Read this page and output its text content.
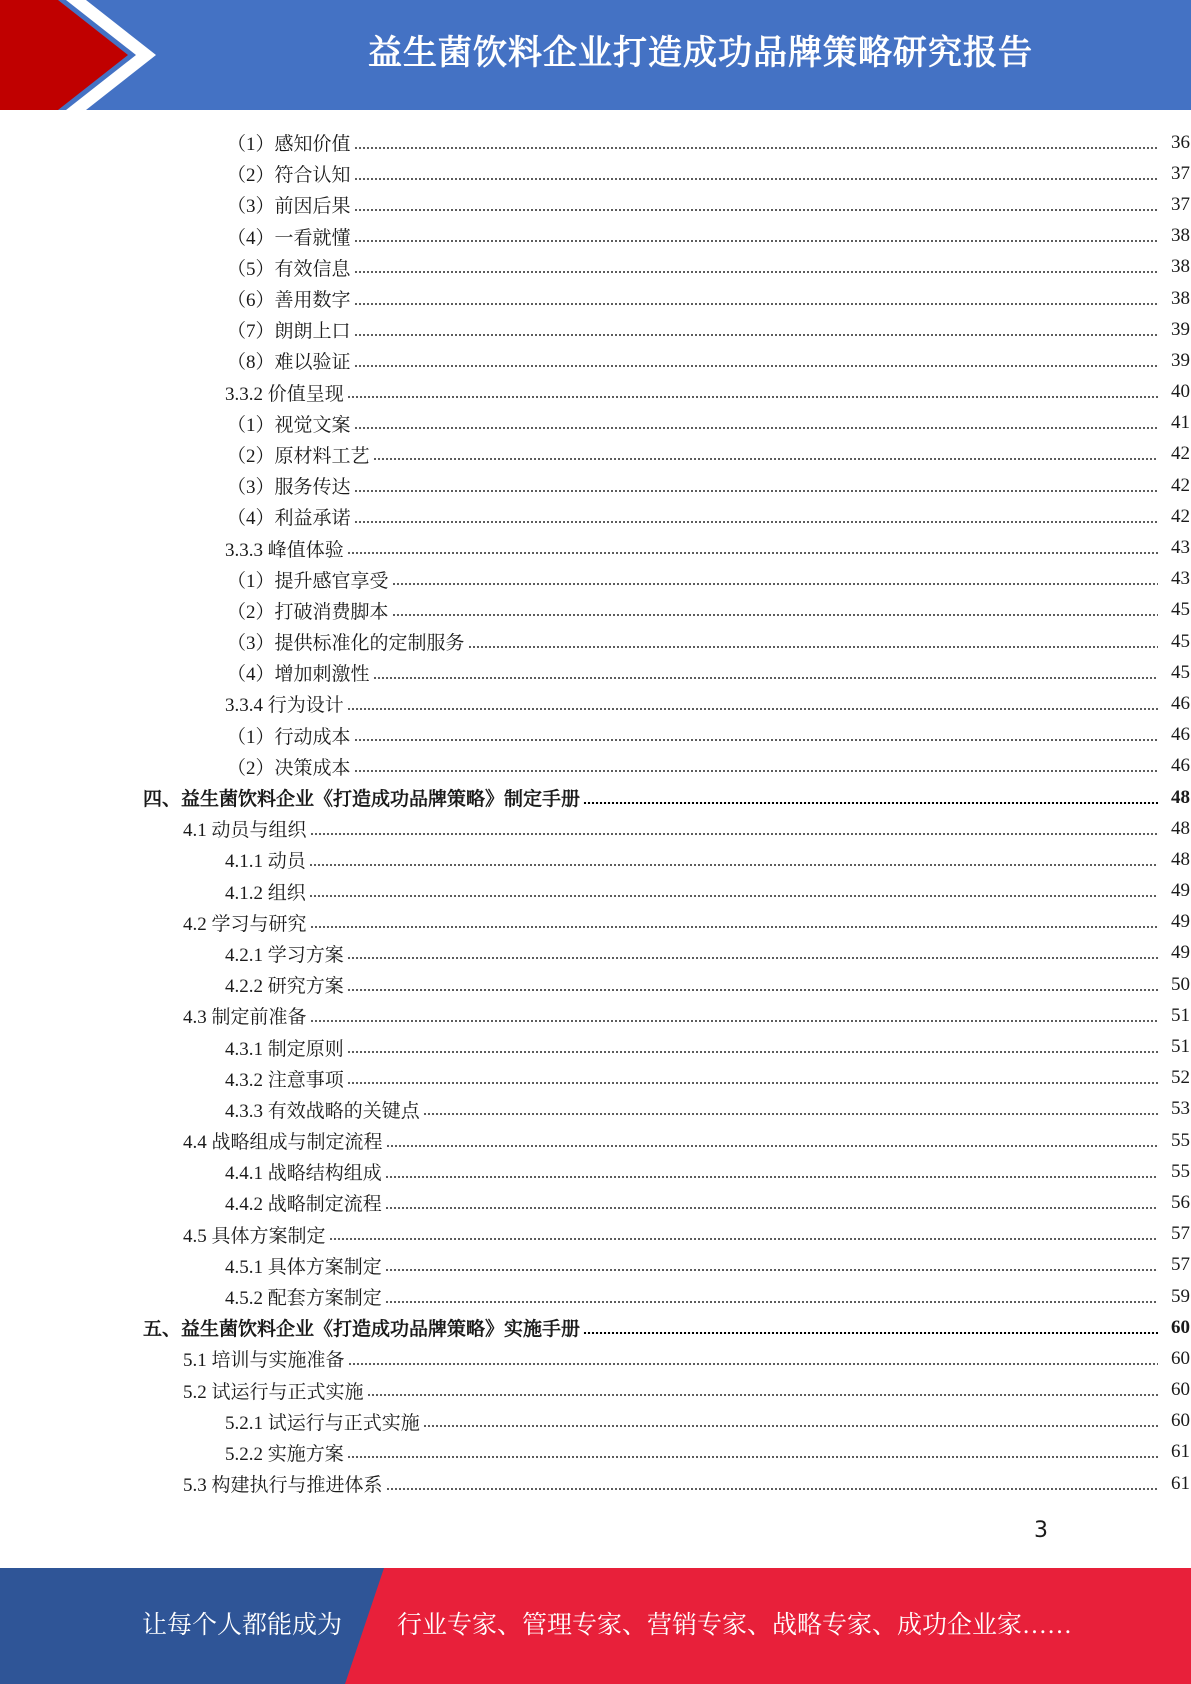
益生菌饮料企业打造成功品牌策略研究报告
（1）感知价值	36
（2）符合认知	37
（3）前因后果	37
（4）一看就懂	38
（5）有效信息	38
（6）善用数字	38
（7）朗朗上口	39
（8）难以验证	39
3.3.2 价值呈现	40
（1）视觉文案	41
（2）原材料工艺	42
（3）服务传达	42
（4）利益承诺	42
3.3.3 峰值体验	43
（1）提升感官享受	43
（2）打破消费脚本	45
（3）提供标准化的定制服务	45
（4）增加刺激性	45
3.3.4 行为设计	46
（1）行动成本	46
（2）决策成本	46
四、益生菌饮料企业《打造成功品牌策略》制定手册	48
4.1 动员与组织	48
4.1.1 动员	48
4.1.2 组织	49
4.2 学习与研究	49
4.2.1 学习方案	49
4.2.2 研究方案	50
4.3 制定前准备	51
4.3.1 制定原则	51
4.3.2 注意事项	52
4.3.3 有效战略的关键点	53
4.4 战略组成与制定流程	55
4.4.1 战略结构组成	55
4.4.2 战略制定流程	56
4.5 具体方案制定	57
4.5.1 具体方案制定	57
4.5.2 配套方案制定	59
五、益生菌饮料企业《打造成功品牌策略》实施手册	60
5.1 培训与实施准备	60
5.2 试运行与正式实施	60
5.2.1 试运行与正式实施	60
5.2.2 实施方案	61
5.3 构建执行与推进体系	61
3
让每个人都能成为 行业专家、管理专家、营销专家、战略专家、成功企业家……
